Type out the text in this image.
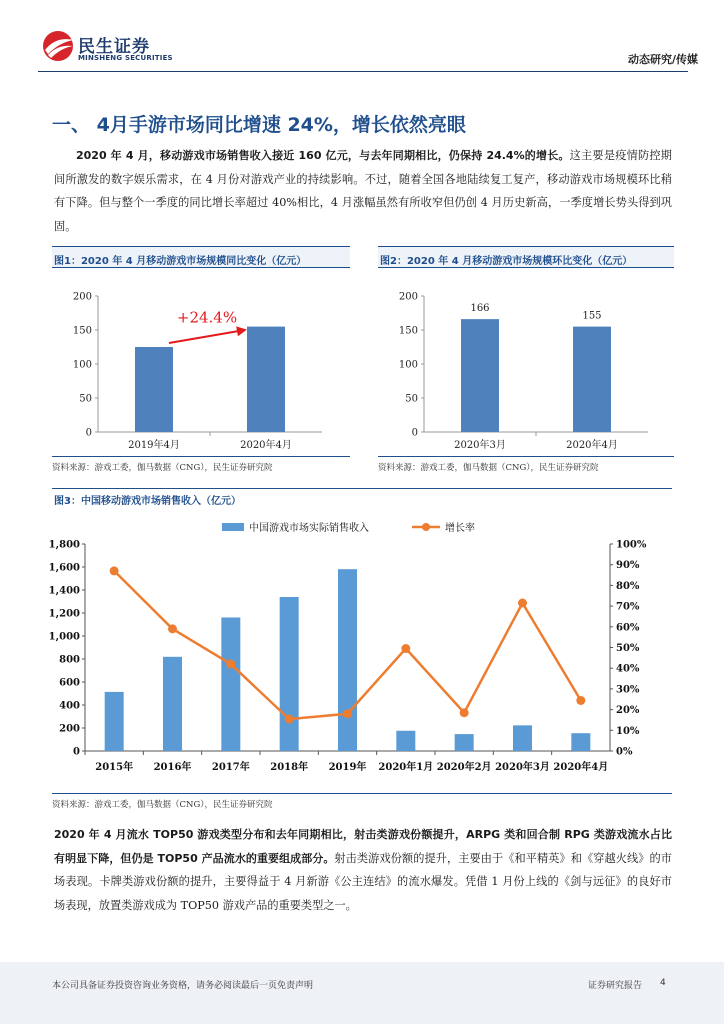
民生证券
MINSHENG SECURITIES	动态研究/传媒
一、 4月手游市场同比增速 24%，增长依然亮眼
2020 年 4 月，移动游戏市场销售收入接近 160 亿元，与去年同期相比，仍保持 24.4%的增长。这主要是疫情防控期间所激发的数字娱乐需求，在 4 月份对游戏产业的持续影响。不过，随着全国各地陆续复工复产，移动游戏市场规模环比稍有下降。但与整个一季度的同比增长率超过 40%相比，4 月涨幅虽然有所收窄但仍创 4 月历史新高，一季度增长势头得到巩固。
图1：2020 年 4 月移动游戏市场规模同比变化（亿元）
0
50
100
150
200
2019年4月	2020年4月
+24.4%
资料来源：游戏工委，伽马数据（CNG），民生证券研究院
图2：2020 年 4 月移动游戏市场规模环比变化（亿元）
0
50
100
150
200
2020年3月
166
2020年4月
155
资料来源：游戏工委，伽马数据（CNG），民生证券研究院
图3：中国移动游戏市场销售收入（亿元）
0
200
400
600
800
1,000
1,200
1,400
1,600
1,800
0%
10%
20%
30%
40%
50%
60%
70%
80%
90%
100%
2015年 2016年 2017年 2018年 2019年 2020年1月 2020年2月 2020年3月 2020年4月
中国游戏市场实际销售收入	增长率
资料来源：游戏工委，伽马数据（CNG），民生证券研究院
2020 年 4 月流水 TOP50 游戏类型分布和去年同期相比，射击类游戏份额提升，ARPG 类和回合制 RPG 类游戏流水占比有明显下降，但仍是 TOP50 产品流水的重要组成部分。射击类游戏份额的提升，主要由于《和平精英》和《穿越火线》的市场表现。卡牌类游戏份额的提升，主要得益于 4 月新游《公主连结》的流水爆发。凭借 1 月份上线的《剑与远征》的良好市场表现，放置类游戏成为 TOP50 游戏产品的重要类型之一。
本公司具备证券投资咨询业务资格，请务必阅读最后一页免责声明	证券研究报告 4
